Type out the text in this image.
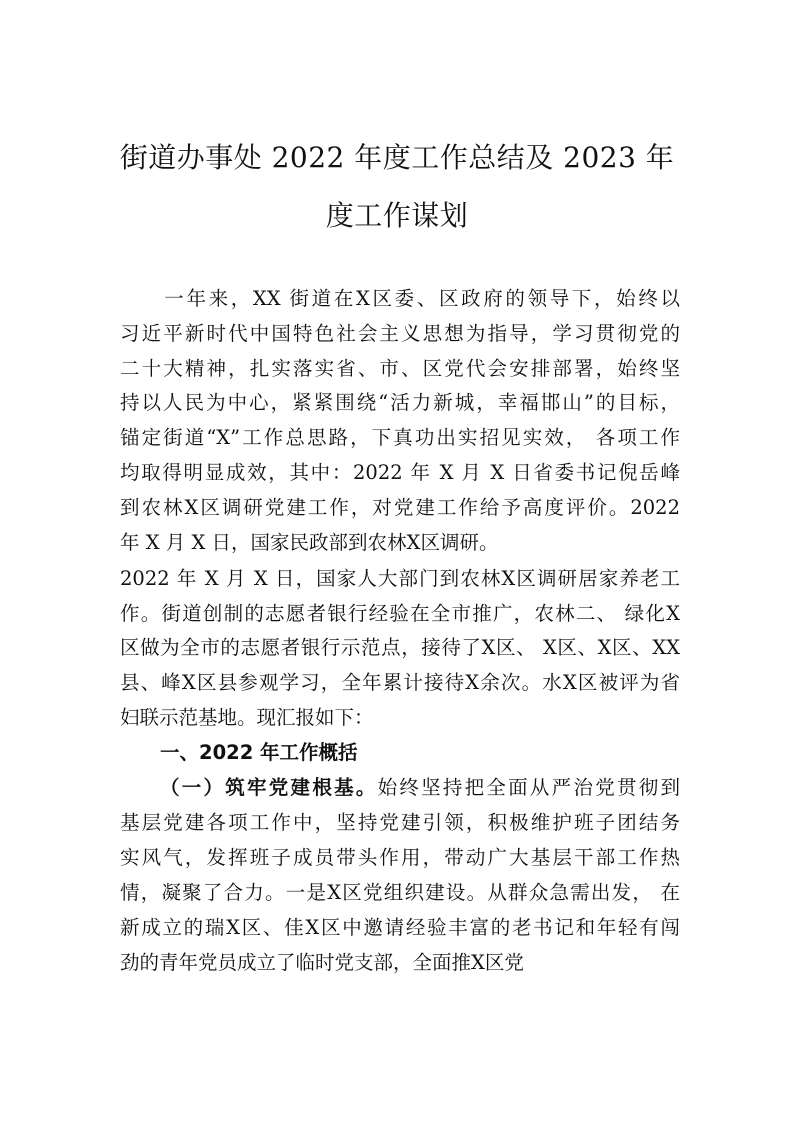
街道办事处 2022 年度工作总结及 2023 年
度工作谋划
　　一年来，XX 街道在X区委、区政府的领导下，始终以
习近平新时代中国特色社会主义思想为指导，学习贯彻党的
二十大精神，扎实落实省、市、区党代会安排部署，始终坚
持以人民为中心，紧紧围绕“活力新城，幸福邯山”的目标，
锚定街道“X”工作总思路，下真功出实招见实效， 各项工作
均取得明显成效，其中：2022 年 X 月 X 日省委书记倪岳峰
到农林X区调研党建工作，对党建工作给予高度评价。2022
年 X 月 X 日，国家民政部到农林X区调研。
2022 年 X 月 X 日，国家人大部门到农林X区调研居家养老工
作。街道创制的志愿者银行经验在全市推广，农林二、 绿化X
区做为全市的志愿者银行示范点，接待了X区、 X区、X区、XX
县、峰X区县参观学习，全年累计接待X余次。水X区被评为省
妇联示范基地。现汇报如下：
一、2022 年工作概括
（一）筑牢党建根基。始终坚持把全面从严治党贯彻到
基层党建各项工作中，坚持党建引领，积极维护班子团结务
实风气，发挥班子成员带头作用，带动广大基层干部工作热
情，凝聚了合力。一是X区党组织建设。从群众急需出发， 在
新成立的瑞X区、佳X区中邀请经验丰富的老书记和年轻有闯
劲的青年党员成立了临时党支部，全面推X区党
